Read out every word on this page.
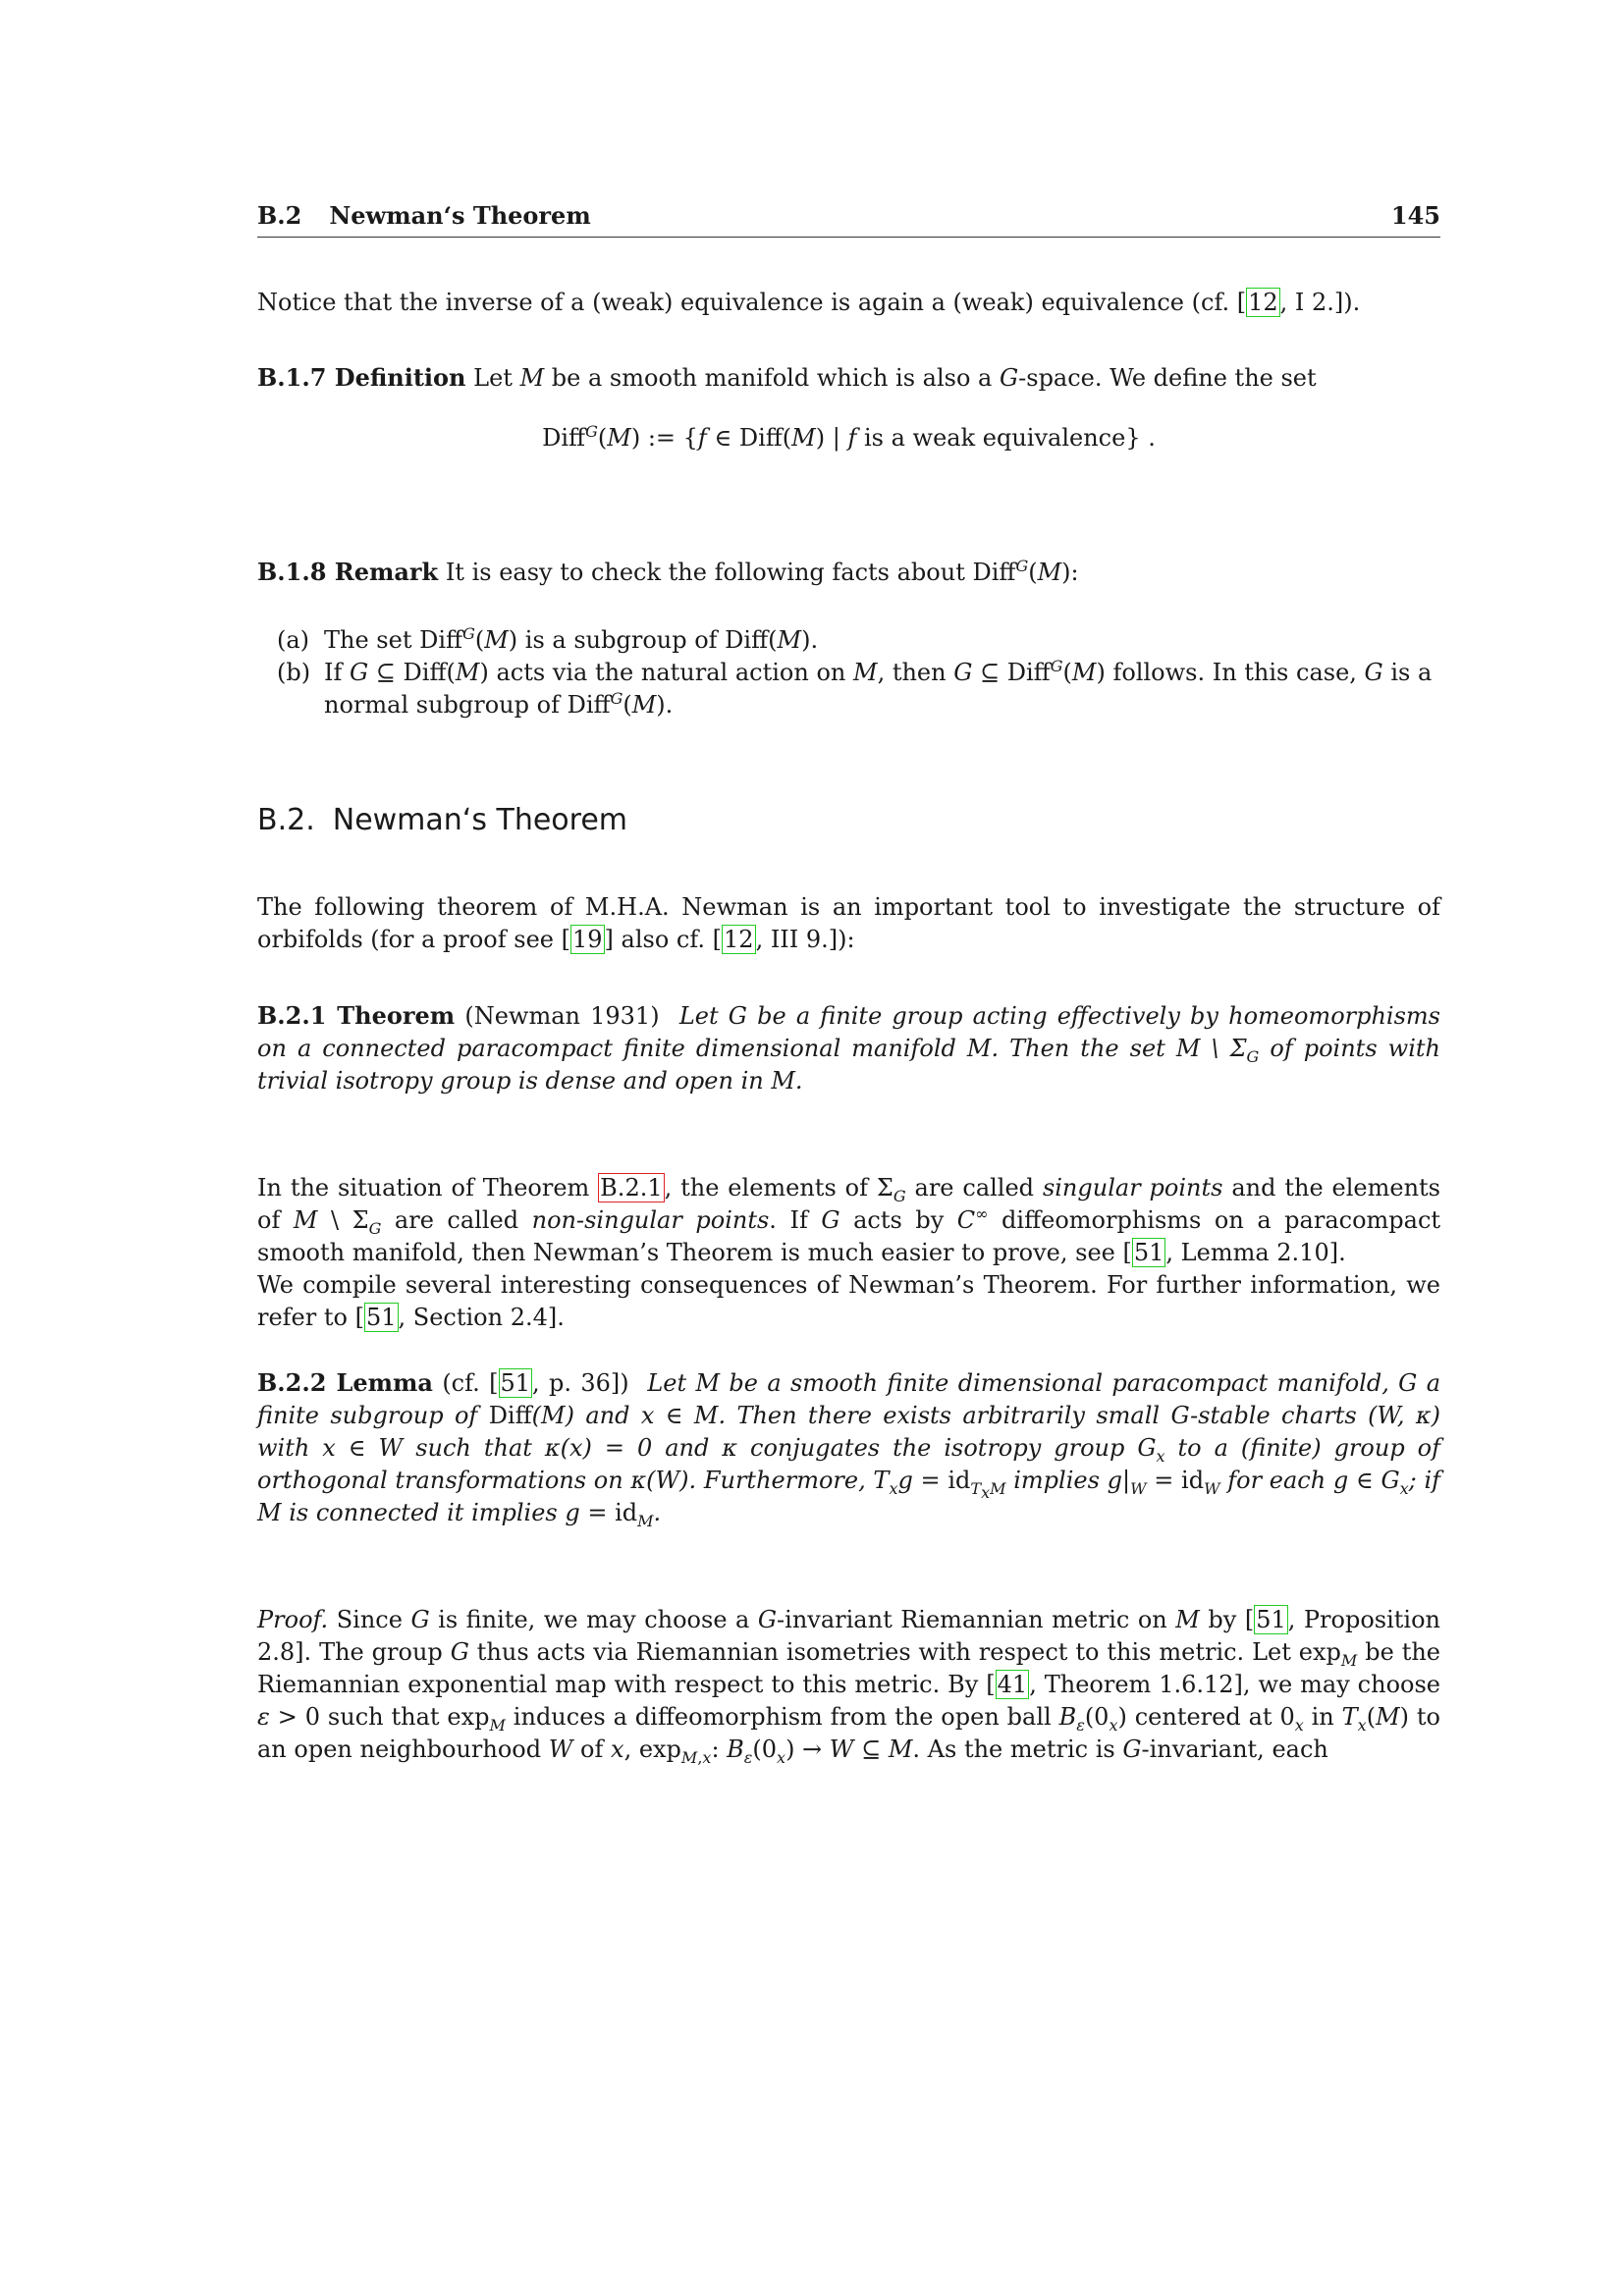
B.2 Newman‘s Theorem	145
Notice that the inverse of a (weak) equivalence is again a (weak) equivalence (cf. [12, I 2.]).
B.1.7 Definition Let M be a smooth manifold which is also a G-space. We define the set
Diff$^G$(M) := {f ∈ Diff(M) | f is a weak equivalence} .
B.1.8 Remark It is easy to check the following facts about Diff$^G$(M):
(a) The set Diff$^G$(M) is a subgroup of Diff(M).
(b) If G ⊆ Diff(M) acts via the natural action on M, then G ⊆ Diff$^G$(M) follows. In this case, G is a normal subgroup of Diff$^G$(M).
B.2. Newman‘s Theorem
The following theorem of M.H.A. Newman is an important tool to investigate the structure of orbifolds (for a proof see [19] also cf. [12, III 9.]):
B.2.1 Theorem (Newman 1931)  Let G be a finite group acting effectively by homeomorphisms on a connected paracompact finite dimensional manifold M. Then the set M \ $\Sigma_G$ of points with trivial isotropy group is dense and open in M.
In the situation of Theorem B.2.1, the elements of $\Sigma_G$ are called singular points and the elements of M \ $\Sigma_G$ are called non-singular points. If G acts by C∞ diffeomorphisms on a paracompact smooth manifold, then Newman’s Theorem is much easier to prove, see [51, Lemma 2.10].
We compile several interesting consequences of Newman’s Theorem. For further information, we refer to [51, Section 2.4].
B.2.2 Lemma (cf. [51, p. 36])  Let M be a smooth finite dimensional paracompact manifold, G a finite subgroup of Diff(M) and x ∈ M. Then there exists arbitrarily small G-stable charts (W, κ) with x ∈ W such that κ(x) = 0 and κ conjugates the isotropy group $G_x$ to a (finite) group of orthogonal transformations on κ(W). Furthermore, $T_xg = id_{T_xM}$ implies $g|_W = id_W$ for each g ∈ $G_x$; if M is connected it implies $g = id_M$.
Proof. Since G is finite, we may choose a G-invariant Riemannian metric on M by [51, Proposition 2.8]. The group G thus acts via Riemannian isometries with respect to this metric. Let $\exp_M$ be the Riemannian exponential map with respect to this metric. By [41, Theorem 1.6.12], we may choose ε > 0 such that $\exp_M$ induces a diffeomorphism from the open ball $B_\varepsilon(0_x)$ centered at $0_x$ in $T_x(M)$ to an open neighbourhood W of x, $\exp_{M,x}$: $B_\varepsilon(0_x) \to W$ ⊆ M. As the metric is G-invariant, each
